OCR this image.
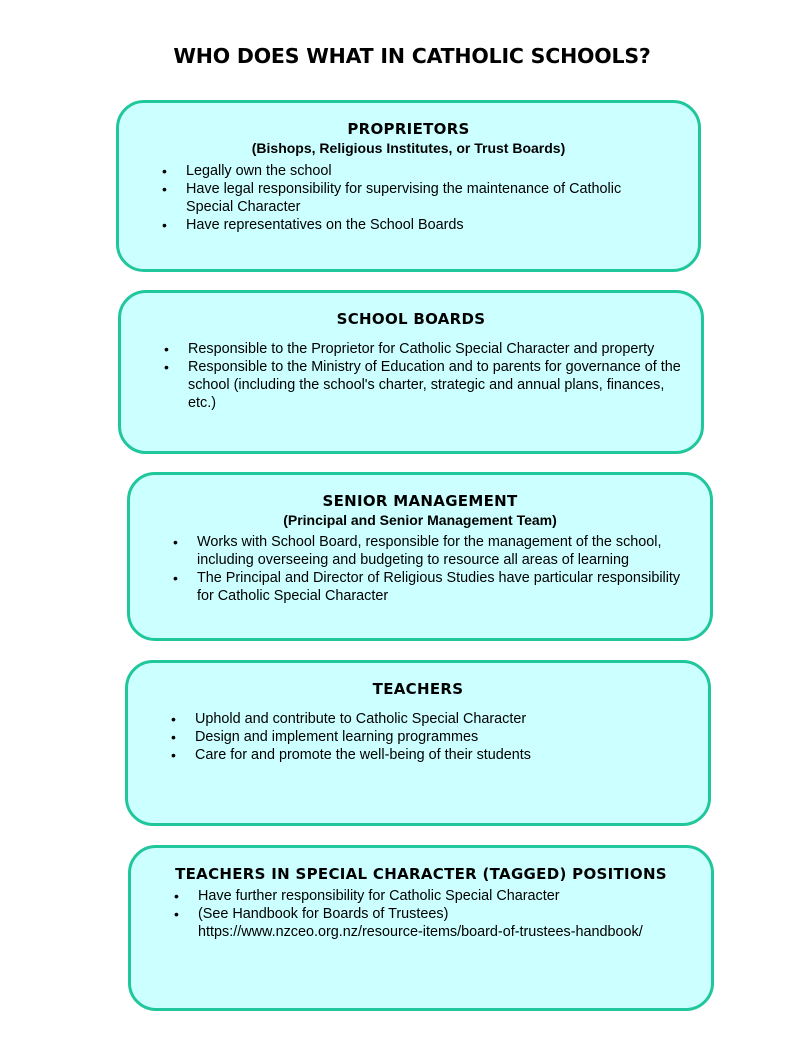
WHO DOES WHAT IN CATHOLIC SCHOOLS?
PROPRIETORS
(Bishops, Religious Institutes, or Trust Boards)
• Legally own the school
• Have legal responsibility for supervising the maintenance of Catholic Special Character
• Have representatives on the School Boards
SCHOOL BOARDS
• Responsible to the Proprietor for Catholic Special Character and property
• Responsible to the Ministry of Education and to parents for governance of the school (including the school's charter, strategic and annual plans, finances, etc.)
SENIOR MANAGEMENT
(Principal and Senior Management Team)
• Works with School Board, responsible for the management of the school, including overseeing and budgeting to resource all areas of learning
• The Principal and Director of Religious Studies have particular responsibility for Catholic Special Character
TEACHERS
• Uphold and contribute to Catholic Special Character
• Design and implement learning programmes
• Care for and promote the well-being of their students
TEACHERS IN SPECIAL CHARACTER (TAGGED) POSITIONS
• Have further responsibility for Catholic Special Character
• (See Handbook for Boards of Trustees)
https://www.nzceo.org.nz/resource-items/board-of-trustees-handbook/
